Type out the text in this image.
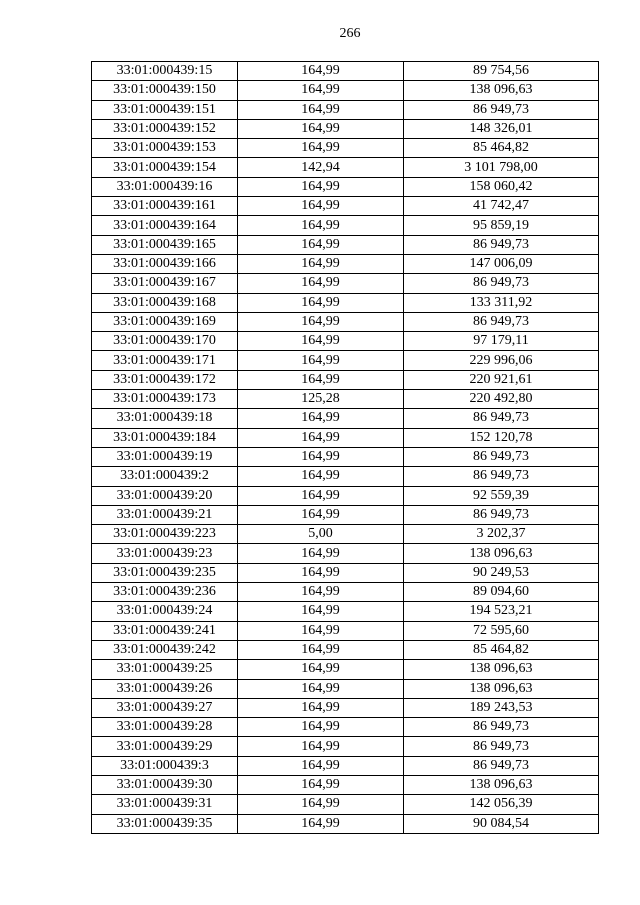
266
33:01:000439:15	164,99	89 754,56
33:01:000439:150	164,99	138 096,63
33:01:000439:151	164,99	86 949,73
33:01:000439:152	164,99	148 326,01
33:01:000439:153	164,99	85 464,82
33:01:000439:154	142,94	3 101 798,00
33:01:000439:16	164,99	158 060,42
33:01:000439:161	164,99	41 742,47
33:01:000439:164	164,99	95 859,19
33:01:000439:165	164,99	86 949,73
33:01:000439:166	164,99	147 006,09
33:01:000439:167	164,99	86 949,73
33:01:000439:168	164,99	133 311,92
33:01:000439:169	164,99	86 949,73
33:01:000439:170	164,99	97 179,11
33:01:000439:171	164,99	229 996,06
33:01:000439:172	164,99	220 921,61
33:01:000439:173	125,28	220 492,80
33:01:000439:18	164,99	86 949,73
33:01:000439:184	164,99	152 120,78
33:01:000439:19	164,99	86 949,73
33:01:000439:2	164,99	86 949,73
33:01:000439:20	164,99	92 559,39
33:01:000439:21	164,99	86 949,73
33:01:000439:223	5,00	3 202,37
33:01:000439:23	164,99	138 096,63
33:01:000439:235	164,99	90 249,53
33:01:000439:236	164,99	89 094,60
33:01:000439:24	164,99	194 523,21
33:01:000439:241	164,99	72 595,60
33:01:000439:242	164,99	85 464,82
33:01:000439:25	164,99	138 096,63
33:01:000439:26	164,99	138 096,63
33:01:000439:27	164,99	189 243,53
33:01:000439:28	164,99	86 949,73
33:01:000439:29	164,99	86 949,73
33:01:000439:3	164,99	86 949,73
33:01:000439:30	164,99	138 096,63
33:01:000439:31	164,99	142 056,39
33:01:000439:35	164,99	90 084,54
